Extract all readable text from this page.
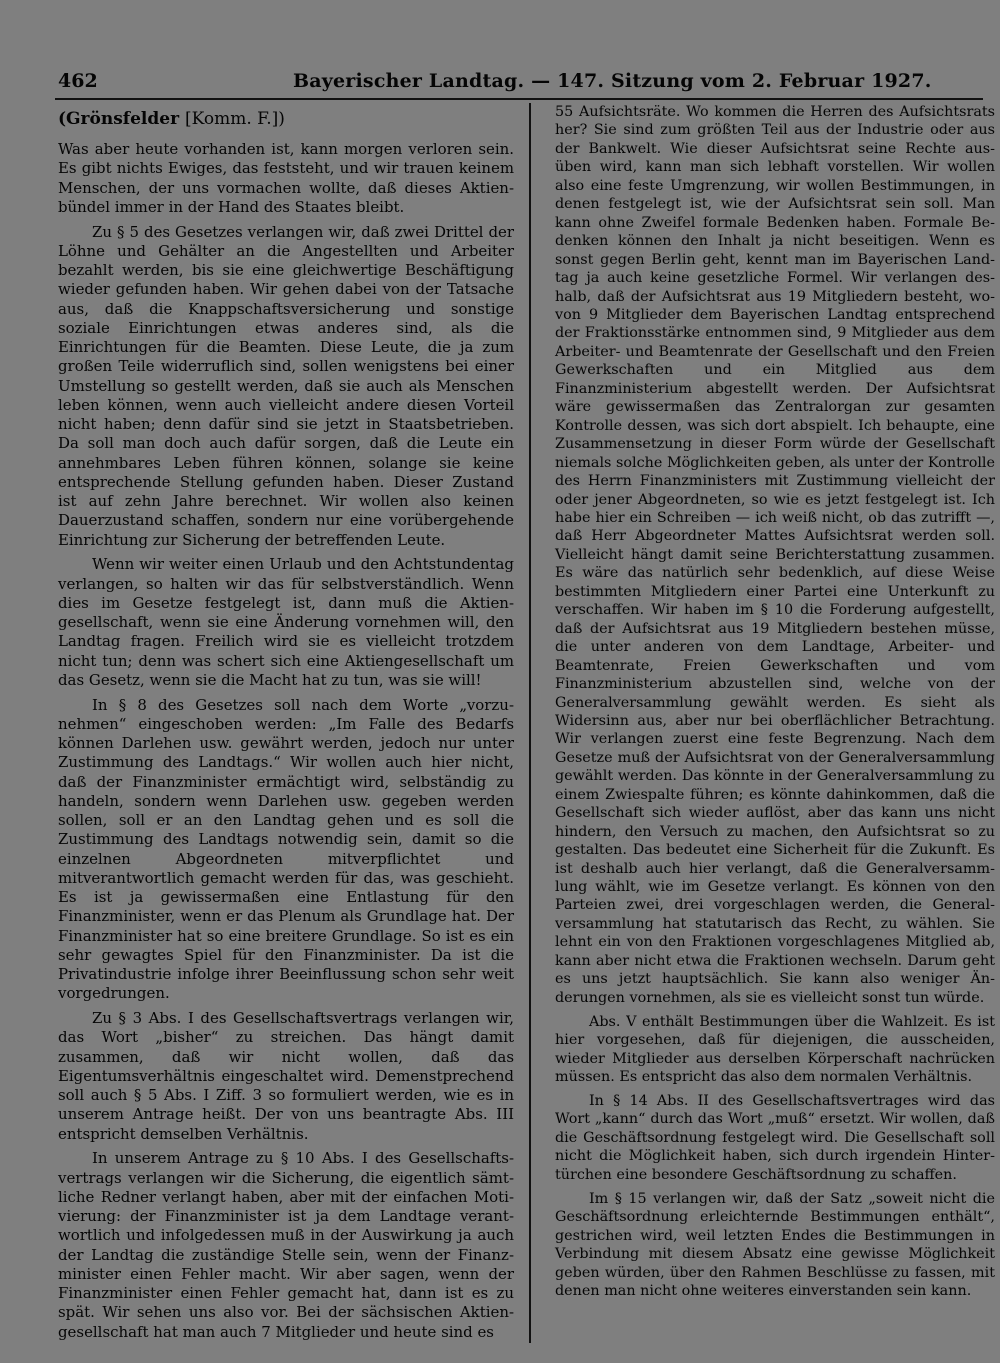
462	Bayerischer Landtag. — 147. Sitzung vom 2. Februar 1927.
(Grönsfelder [Komm. F.])

Was aber heute vorhanden ist, kann morgen verloren sein. Es gibt nichts Ewiges, das feststeht, und wir trauen keinem Menschen, der uns vormachen wollte, daß dieses Aktienbündel immer in der Hand des Staates bleibt.

Zu § 5 des Gesetzes verlangen wir, daß zwei Drittel der Löhne und Gehälter an die Angestellten und Arbeiter bezahlt werden, bis sie eine gleichwertige Beschäftigung wieder gefunden haben. Wir gehen dabei von der Tatsache aus, daß die Knappschaftsversicherung und sonstige soziale Einrichtungen etwas anderes sind, als die Einrichtungen für die Beamten. Diese Leute, die ja zum großen Teile widerruflich sind, sollen wenigstens bei einer Umstellung so gestellt werden, daß sie auch als Menschen leben können, wenn auch vielleicht andere diesen Vorteil nicht haben; denn dafür sind sie jetzt in Staatsbetrieben. Da soll man doch auch dafür sorgen, daß die Leute ein annehmbares Leben führen können, solange sie keine entsprechende Stellung gefunden haben. Dieser Zustand ist auf zehn Jahre berechnet. Wir wollen also keinen Dauerzustand schaffen, sondern nur eine vorübergehende Einrichtung zur Sicherung der betreffenden Leute.

Wenn wir weiter einen Urlaub und den Achtstundentag verlangen, so halten wir das für selbstverständlich. Wenn dies im Gesetze festgelegt ist, dann muß die Aktiengesellschaft, wenn sie eine Änderung vornehmen will, den Landtag fragen. Freilich wird sie es vielleicht trotzdem nicht tun; denn was schert sich eine Aktiengesellschaft um das Gesetz, wenn sie die Macht hat zu tun, was sie will!

In § 8 des Gesetzes soll nach dem Worte „vorzunehmen“ eingeschoben werden: „Im Falle des Bedarfs können Darlehen usw. gewährt werden, jedoch nur unter Zustimmung des Landtags.“ Wir wollen auch hier nicht, daß der Finanzminister ermächtigt wird, selbständig zu handeln, sondern wenn Darlehen usw. gegeben werden sollen, soll er an den Landtag gehen und es soll die Zustimmung des Landtags notwendig sein, damit so die einzelnen Abgeordneten mitverpflichtet und mitverantwortlich gemacht werden für das, was geschieht. Es ist ja gewissermaßen eine Entlastung für den Finanzminister, wenn er das Plenum als Grundlage hat. Der Finanzminister hat so eine breitere Grundlage. So ist es ein sehr gewagtes Spiel für den Finanzminister. Da ist die Privatindustrie infolge ihrer Beeinflussung schon sehr weit vorgedrungen.

Zu § 3 Abs. I des Gesellschaftsvertrags verlangen wir, das Wort „bisher“ zu streichen. Das hängt damit zusammen, daß wir nicht wollen, daß das Eigentumsverhältnis eingeschaltet wird. Demenstprechend soll auch § 5 Abs. I Ziff. 3 so formuliert werden, wie es in unserem Antrage heißt. Der von uns beantragte Abs. III entspricht demselben Verhältnis.

In unserem Antrage zu § 10 Abs. I des Gesellschaftsvertrags verlangen wir die Sicherung, die eigentlich sämtliche Redner verlangt haben, aber mit der einfachen Motivierung: der Finanzminister ist ja dem Landtage verantwortlich und infolgedessen muß in der Auswirkung ja auch der Landtag die zuständige Stelle sein, wenn der Finanzminister einen Fehler macht. Wir aber sagen, wenn der Finanzminister einen Fehler gemacht hat, dann ist es zu spät. Wir sehen uns also vor. Bei der sächsischen Aktiengesellschaft hat man auch 7 Mitglieder und heute sind es

55 Aufsichtsräte. Wo kommen die Herren des Aufsichtsrats her? Sie sind zum größten Teil aus der Industrie oder aus der Bankwelt. Wie dieser Aufsichtsrat seine Rechte ausüben wird, kann man sich lebhaft vorstellen. Wir wollen also eine feste Umgrenzung, wir wollen Bestimmungen, in denen festgelegt ist, wie der Aufsichtsrat sein soll. Man kann ohne Zweifel formale Bedenken haben. Formale Bedenken können den Inhalt ja nicht beseitigen. Wenn es sonst gegen Berlin geht, kennt man im Bayerischen Landtag ja auch keine gesetzliche Formel. Wir verlangen deshalb, daß der Aufsichtsrat aus 19 Mitgliedern besteht, wovon 9 Mitglieder dem Bayerischen Landtag entsprechend der Fraktionsstärke entnommen sind, 9 Mitglieder aus dem Arbeiter- und Beamtenrate der Gesellschaft und den Freien Gewerkschaften und ein Mitglied aus dem Finanzministerium abgestellt werden. Der Aufsichtsrat wäre gewissermaßen das Zentralorgan zur gesamten Kontrolle dessen, was sich dort abspielt. Ich behaupte, eine Zusammensetzung in dieser Form würde der Gesellschaft niemals solche Möglichkeiten geben, als unter der Kontrolle des Herrn Finanzministers mit Zustimmung vielleicht der oder jener Abgeordneten, so wie es jetzt festgelegt ist. Ich habe hier ein Schreiben — ich weiß nicht, ob das zutrifft —, daß Herr Abgeordneter Mattes Aufsichtsrat werden soll. Vielleicht hängt damit seine Berichterstattung zusammen. Es wäre das natürlich sehr bedenklich, auf diese Weise bestimmten Mitgliedern einer Partei eine Unterkunft zu verschaffen. Wir haben im § 10 die Forderung aufgestellt, daß der Aufsichtsrat aus 19 Mitgliedern bestehen müsse, die unter anderen von dem Landtage, Arbeiter- und Beamtenrate, Freien Gewerkschaften und vom Finanzministerium abzustellen sind, welche von der Generalversammlung gewählt werden. Es sieht als Widersinn aus, aber nur bei oberflächlicher Betrachtung. Wir verlangen zuerst eine feste Begrenzung. Nach dem Gesetze muß der Aufsichtsrat von der Generalversammlung gewählt werden. Das könnte in der Generalversammlung zu einem Zwiespalte führen; es könnte dahinkommen, daß die Gesellschaft sich wieder auflöst, aber das kann uns nicht hindern, den Versuch zu machen, den Aufsichtsrat so zu gestalten. Das bedeutet eine Sicherheit für die Zukunft. Es ist deshalb auch hier verlangt, daß die Generalversammlung wählt, wie im Gesetze verlangt. Es können von den Parteien zwei, drei vorgeschlagen werden, die Generalversammlung hat statutarisch das Recht, zu wählen. Sie lehnt ein von den Fraktionen vorgeschlagenes Mitglied ab, kann aber nicht etwa die Fraktionen wechseln. Darum geht es uns jetzt hauptsächlich. Sie kann also weniger Änderungen vornehmen, als sie es vielleicht sonst tun würde.

Abs. V enthält Bestimmungen über die Wahlzeit. Es ist hier vorgesehen, daß für diejenigen, die ausscheiden, wieder Mitglieder aus derselben Körperschaft nachrücken müssen. Es entspricht das also dem normalen Verhältnis.

In § 14 Abs. II des Gesellschaftsvertrages wird das Wort „kann“ durch das Wort „muß“ ersetzt. Wir wollen, daß die Geschäftsordnung festgelegt wird. Die Gesellschaft soll nicht die Möglichkeit haben, sich durch irgendein Hintertürchen eine besondere Geschäftsordnung zu schaffen.

Im § 15 verlangen wir, daß der Satz „soweit nicht die Geschäftsordnung erleichternde Bestimmungen enthält“, gestrichen wird, weil letzten Endes die Bestimmungen in Verbindung mit diesem Absatz eine gewisse Möglichkeit geben würden, über den Rahmen Beschlüsse zu fassen, mit denen man nicht ohne weiteres einverstanden sein kann.
